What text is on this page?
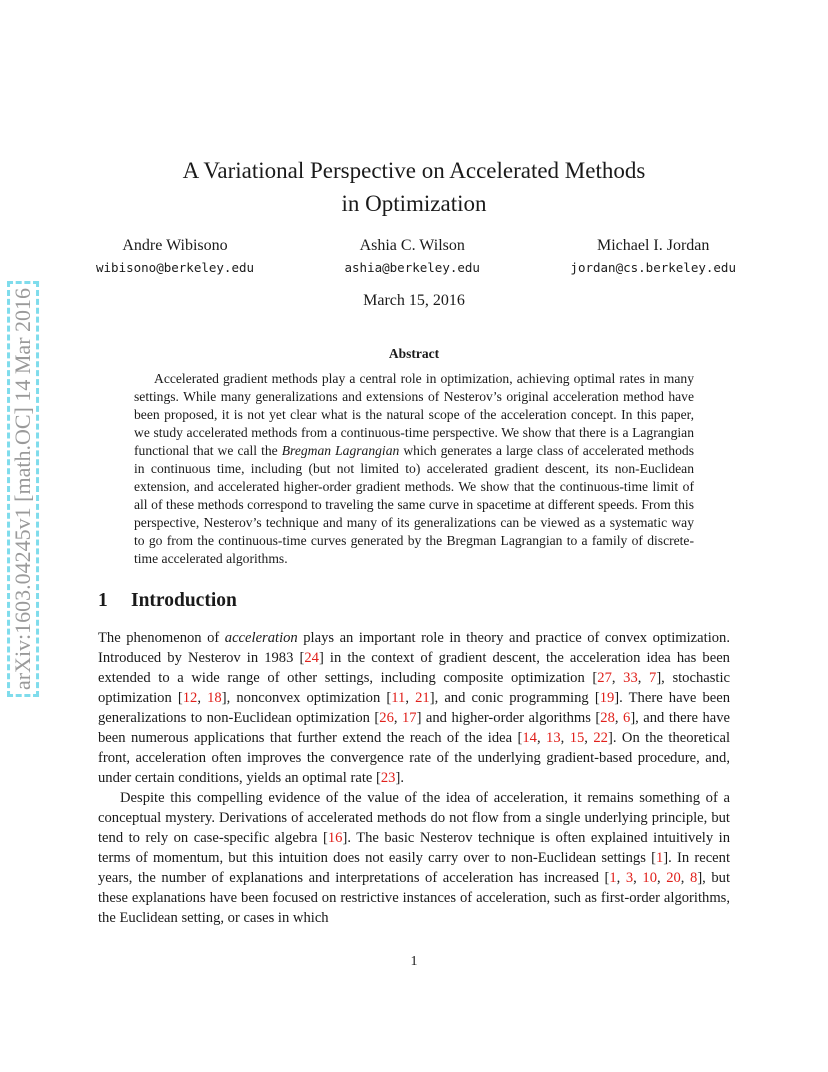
arXiv:1603.04245v1 [math.OC] 14 Mar 2016
A Variational Perspective on Accelerated Methods
in Optimization
Andre Wibisono
wibisono@berkeley.edu
Ashia C. Wilson
ashia@berkeley.edu
Michael I. Jordan
jordan@cs.berkeley.edu
March 15, 2016
Abstract
Accelerated gradient methods play a central role in optimization, achieving optimal rates in many settings. While many generalizations and extensions of Nesterov’s original acceleration method have been proposed, it is not yet clear what is the natural scope of the acceleration concept. In this paper, we study accelerated methods from a continuous-time perspective. We show that there is a Lagrangian functional that we call the Bregman Lagrangian which generates a large class of accelerated methods in continuous time, including (but not limited to) accelerated gradient descent, its non-Euclidean extension, and accelerated higher-order gradient methods. We show that the continuous-time limit of all of these methods correspond to traveling the same curve in spacetime at different speeds. From this perspective, Nesterov’s technique and many of its generalizations can be viewed as a systematic way to go from the continuous-time curves generated by the Bregman Lagrangian to a family of discrete-time accelerated algorithms.
1 Introduction

The phenomenon of acceleration plays an important role in theory and practice of convex optimization. Introduced by Nesterov in 1983 [24] in the context of gradient descent, the acceleration idea has been extended to a wide range of other settings, including composite optimization [27, 33, 7], stochastic optimization [12, 18], nonconvex optimization [11, 21], and conic programming [19]. There have been generalizations to non-Euclidean optimization [26, 17] and higher-order algorithms [28, 6], and there have been numerous applications that further extend the reach of the idea [14, 13, 15, 22]. On the theoretical front, acceleration often improves the convergence rate of the underlying gradient-based procedure, and, under certain conditions, yields an optimal rate [23].

Despite this compelling evidence of the value of the idea of acceleration, it remains something of a conceptual mystery. Derivations of accelerated methods do not flow from a single underlying principle, but tend to rely on case-specific algebra [16]. The basic Nesterov technique is often explained intuitively in terms of momentum, but this intuition does not easily carry over to non-Euclidean settings [1]. In recent years, the number of explanations and interpretations of acceleration has increased [1, 3, 10, 20, 8], but these explanations have been focused on restrictive instances of acceleration, such as first-order algorithms, the Euclidean setting, or cases in which

1
